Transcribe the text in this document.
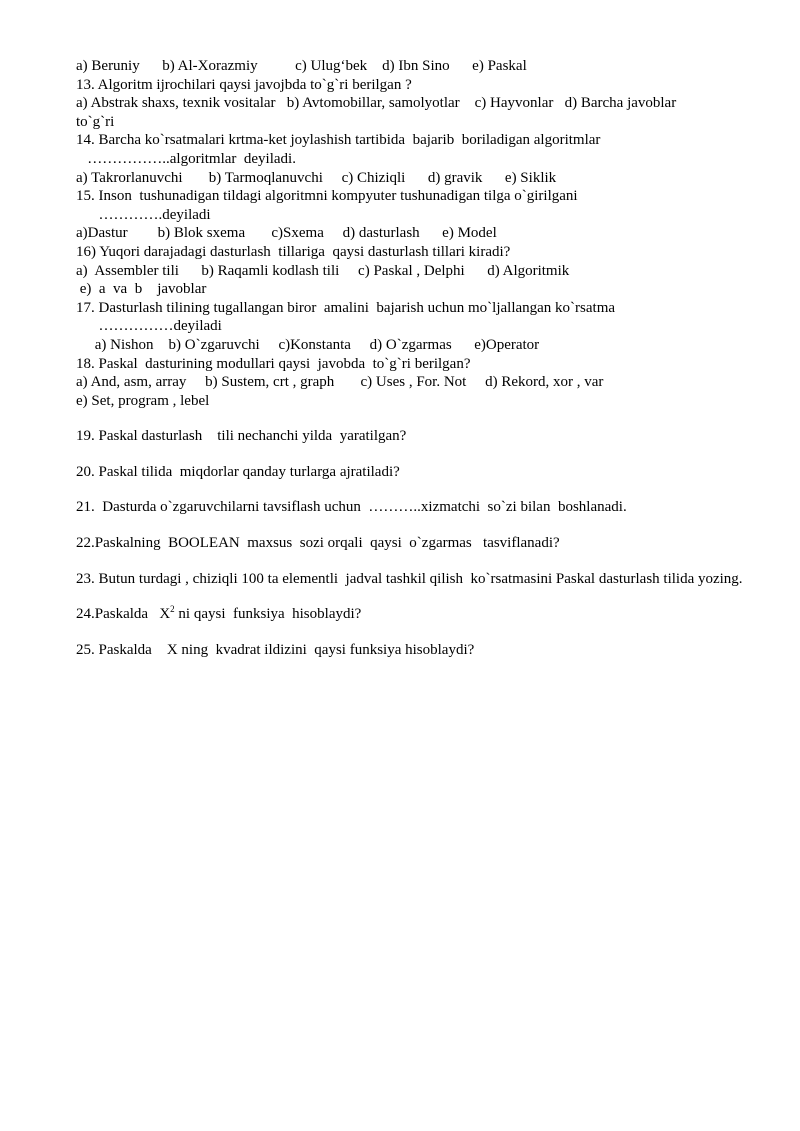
a) Beruniy      b) Al-Xorazmiy          c) Ulug‘bek    d) Ibn Sino      e) Paskal
13. Algoritm ijrochilari qaysi javojbda to`g`ri berilgan ?
a) Abstrak shaxs, texnik vositalar   b) Avtomobillar, samolyotlar    c) Hayvonlar   d) Barcha javoblar
to`g`ri
14. Barcha ko`rsatmalari krtma-ket joylashish tartibida  bajarib  boriladigan algoritmlar
……………..algoritmlar  deyiladi.
a) Takrorlanuvchi       b) Tarmoqlanuvchi     c) Chiziqli      d) gravik      e) Siklik
15. Inson  tushunadigan tildagi algoritmni kompyuter tushunadigan tilga o`girilgani
………….deyiladi
a)Dastur        b) Blok sxema       c)Sxema     d) dasturlash      e) Model
16) Yuqori darajadagi dasturlash  tillariga  qaysi dasturlash tillari kiradi?
a)  Assembler tili      b) Raqamli kodlash tili     c) Paskal , Delphi      d) Algoritmik
e)  a  va  b    javoblar
17. Dasturlash tilining tugallangan biror  amalini  bajarish uchun mo`ljallangan ko`rsatma
……………deyiladi
a) Nishon    b) O`zgaruvchi     c)Konstanta     d) O`zgarmas      e)Operator
18. Paskal  dasturining modullari qaysi  javobda  to`g`ri berilgan?
a) And, asm, array     b) Sustem, crt , graph       c) Uses , For. Not     d) Rekord, xor , var
e) Set, program , lebel
19. Paskal dasturlash    tili nechanchi yilda  yaratilgan?
20. Paskal tilida  miqdorlar qanday turlarga ajratiladi?
21.  Dasturda o`zgaruvchilarni tavsiflash uchun  ………..xizmatchi  so`zi bilan  boshlanadi.
22.Paskalning  BOOLEAN  maxsus  sozi orqali  qaysi  o`zgarmas   tasviflanadi?
23. Butun turdagi , chiziqli 100 ta elementli  jadval tashkil qilish  ko`rsatmasini Paskal dasturlash tilida yozing.
24.Paskalda   $X^2$ ni qaysi  funksiya  hisoblaydi?
25. Paskalda    X ning  kvadrat ildizini  qaysi funksiya hisoblaydi?
